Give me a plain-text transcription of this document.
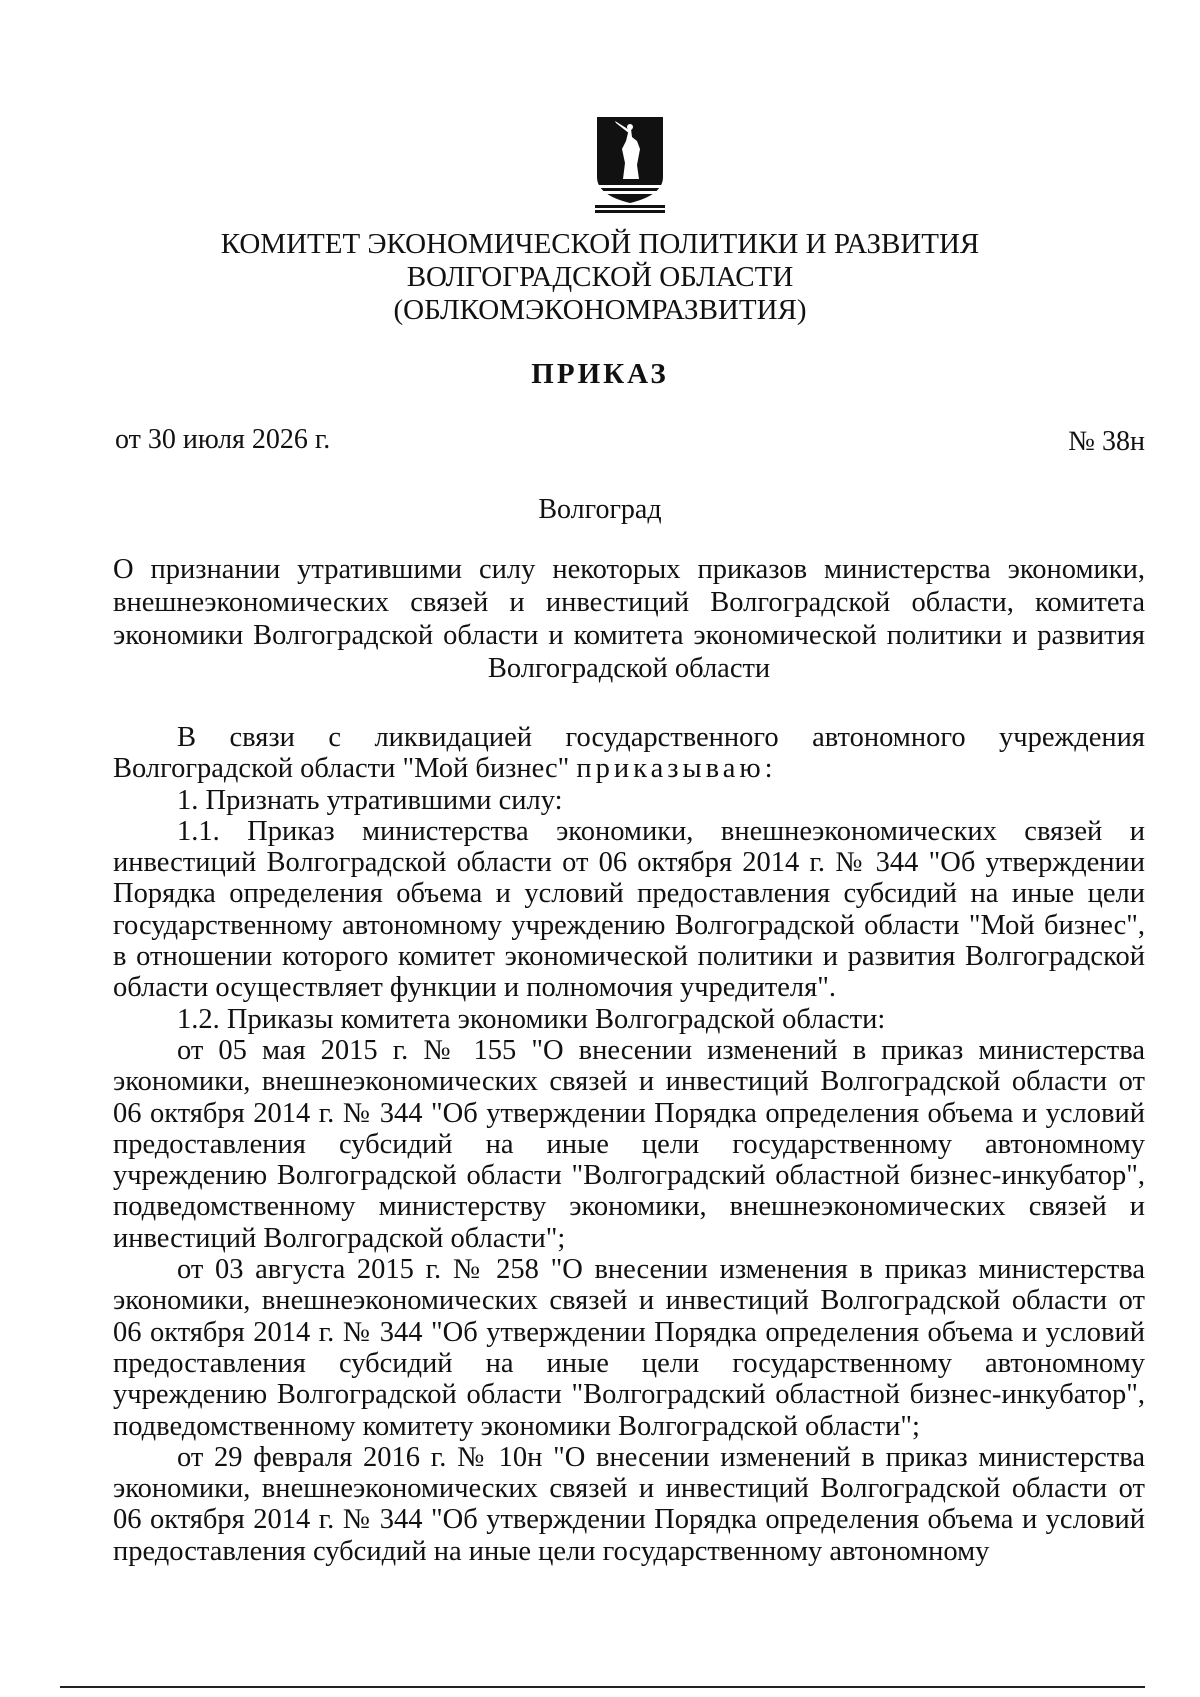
КОМИТЕТ ЭКОНОМИЧЕСКОЙ ПОЛИТИКИ И РАЗВИТИЯ
ВОЛГОГРАДСКОЙ ОБЛАСТИ
(ОБЛКОМЭКОНОМРАЗВИТИЯ)
ПРИКАЗ
от 30 июля 2026 г.	№ 38н
Волгоград
О признании утратившими силу некоторых приказов министерства экономики, внешнеэкономических связей и инвестиций Волгоградской области, комитета экономики Волгоградской области и комитета экономической политики и развития Волгоградской области

В связи с ликвидацией государственного автономного учреждения Волгоградской области "Мой бизнес" приказываю:

1. Признать утратившими силу:

1.1. Приказ министерства экономики, внешнеэкономических связей и инвестиций Волгоградской области от 06 октября 2014 г. № 344 "Об утверждении Порядка определения объема и условий предоставления субсидий на иные цели государственному автономному учреждению Волгоградской области "Мой бизнес", в отношении которого комитет экономической политики и развития Волгоградской области осуществляет функции и полномочия учредителя".

1.2. Приказы комитета экономики Волгоградской области:

от 05 мая 2015 г. № 155 "О внесении изменений в приказ министерства экономики, внешнеэкономических связей и инвестиций Волгоградской области от 06 октября 2014 г. № 344 "Об утверждении Порядка определения объема и условий предоставления субсидий на иные цели государственному автономному учреждению Волгоградской области "Волгоградский областной бизнес-инкубатор", подведомственному министерству экономики, внешнеэкономических связей и инвестиций Волгоградской области";

от 03 августа 2015 г. № 258 "О внесении изменения в приказ министерства экономики, внешнеэкономических связей и инвестиций Волгоградской области от 06 октября 2014 г. № 344 "Об утверждении Порядка определения объема и условий предоставления субсидий на иные цели государственному автономному учреждению Волгоградской области "Волгоградский областной бизнес-инкубатор", подведомственному комитету экономики Волгоградской области";

от 29 февраля 2016 г. № 10н "О внесении изменений в приказ министерства экономики, внешнеэкономических связей и инвестиций Волгоградской области от 06 октября 2014 г. № 344 "Об утверждении Порядка определения объема и условий предоставления субсидий на иные цели государственному автономному
